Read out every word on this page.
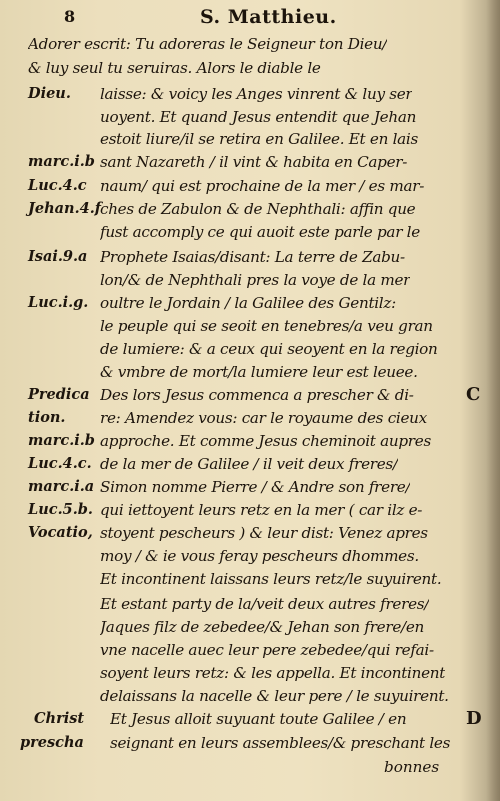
8	S. Matthieu.
Adorer escrit: Tu adoreras le Seigneur ton Dieu/
& luy seul tu seruiras. Alors le diable le
laisse: & voicy les Anges vinrent & luy ser
uoyent. Et quand Jesus entendit que Jehan
estoit liure/il se retira en Galilee. Et en lais
sant Nazareth / il vint & habita en Caper-
naum/ qui est prochaine de la mer / es mar-
ches de Zabulon & de Nephthali: affin que
fust accomply ce qui auoit este parle par le
Prophete Isaias/disant: La terre de Zabu-
lon/& de Nephthali pres la voye de la mer
oultre le Jordain / la Galilee des Gentilz:
le peuple qui se seoit en tenebres/a veu gran
de lumiere: & a ceux qui seoyent en la region
& vmbre de mort/la lumiere leur est leuee.
Des lors Jesus commenca a prescher & di-
re: Amendez vous: car le royaume des cieux
approche. Et comme Jesus cheminoit aupres
de la mer de Galilee / il veit deux freres/
Simon nomme Pierre / & Andre son frere/
qui iettoyent leurs retz en la mer ( car ilz e-
stoyent pescheurs ) & leur dist: Venez apres
moy / & ie vous feray pescheurs dhommes.
Et incontinent laissans leurs retz/le suyuirent.
Et estant party de la/veit deux autres freres/
Jaques filz de zebedee/& Jehan son frere/en
vne nacelle auec leur pere zebedee/qui refai-
soyent leurs retz: & les appella. Et incontinent
delaissans la nacelle & leur pere / le suyuirent.
Et Jesus alloit suyuant toute Galilee / en
seignant en leurs assemblees/& preschant les
Dieu.
marc.i.b
Luc.4.c
Jehan.4.f
Isai.9.a
Luc.i.g.
Predica
tion.
marc.i.b
Luc.4.c.
marc.i.a
Luc.5.b.
Vocatio,
Christ
prescha
C
D
bonnes
